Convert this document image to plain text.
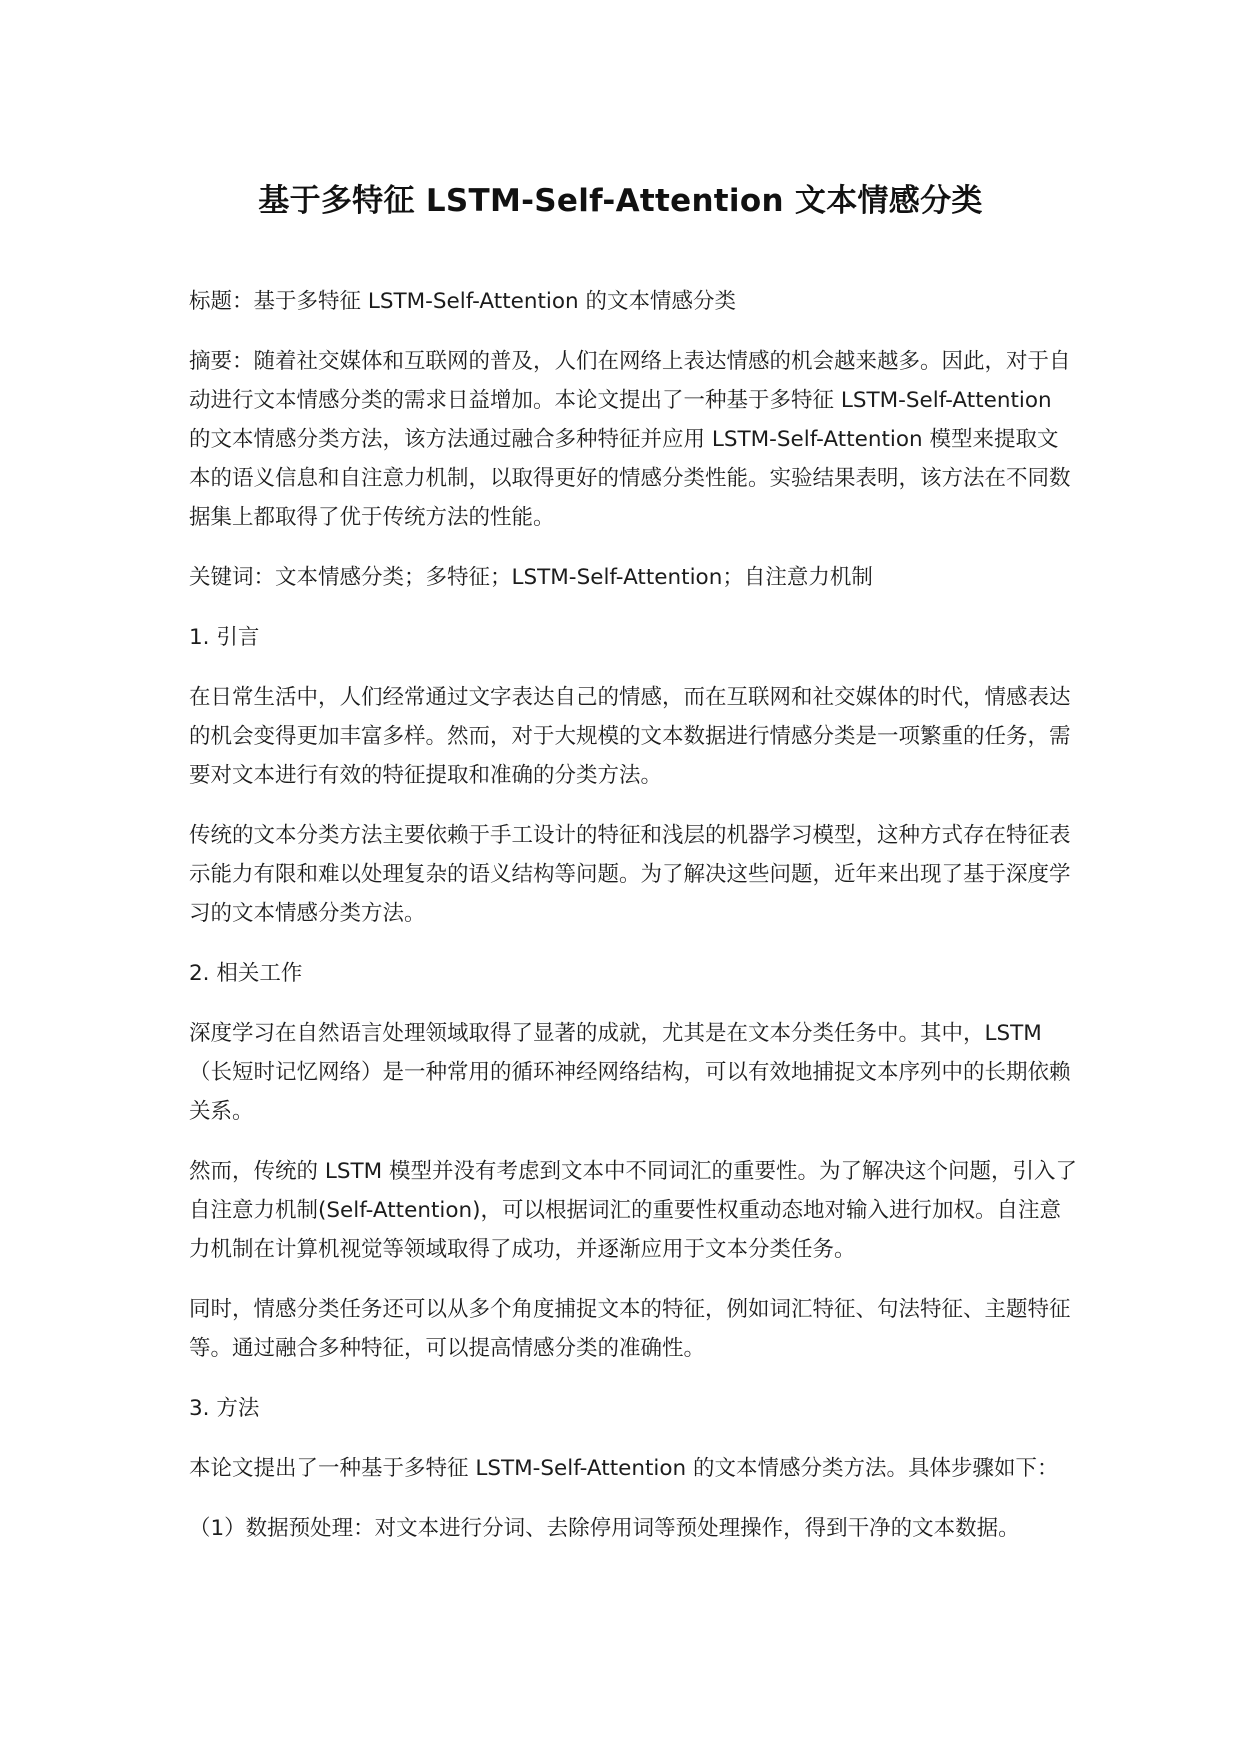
基于多特征 LSTM-Self-Attention 文本情感分类

标题：基于多特征 LSTM-Self-Attention 的文本情感分类

摘要：随着社交媒体和互联网的普及，人们在网络上表达情感的机会越来越多。因此，对于自动进行文本情感分类的需求日益增加。本论文提出了一种基于多特征 LSTM-Self-Attention 的文本情感分类方法，该方法通过融合多种特征并应用 LSTM-Self-Attention 模型来提取文本的语义信息和自注意力机制，以取得更好的情感分类性能。实验结果表明，该方法在不同数据集上都取得了优于传统方法的性能。

关键词：文本情感分类；多特征；LSTM-Self-Attention；自注意力机制

1. 引言

在日常生活中，人们经常通过文字表达自己的情感，而在互联网和社交媒体的时代，情感表达的机会变得更加丰富多样。然而，对于大规模的文本数据进行情感分类是一项繁重的任务，需要对文本进行有效的特征提取和准确的分类方法。

传统的文本分类方法主要依赖于手工设计的特征和浅层的机器学习模型，这种方式存在特征表示能力有限和难以处理复杂的语义结构等问题。为了解决这些问题，近年来出现了基于深度学习的文本情感分类方法。

2. 相关工作

深度学习在自然语言处理领域取得了显著的成就，尤其是在文本分类任务中。其中，LSTM（长短时记忆网络）是一种常用的循环神经网络结构，可以有效地捕捉文本序列中的长期依赖关系。

然而，传统的 LSTM 模型并没有考虑到文本中不同词汇的重要性。为了解决这个问题，引入了自注意力机制(Self-Attention)，可以根据词汇的重要性权重动态地对输入进行加权。自注意力机制在计算机视觉等领域取得了成功，并逐渐应用于文本分类任务。

同时，情感分类任务还可以从多个角度捕捉文本的特征，例如词汇特征、句法特征、主题特征等。通过融合多种特征，可以提高情感分类的准确性。

3. 方法

本论文提出了一种基于多特征 LSTM-Self-Attention 的文本情感分类方法。具体步骤如下：

（1）数据预处理：对文本进行分词、去除停用词等预处理操作，得到干净的文本数据。
